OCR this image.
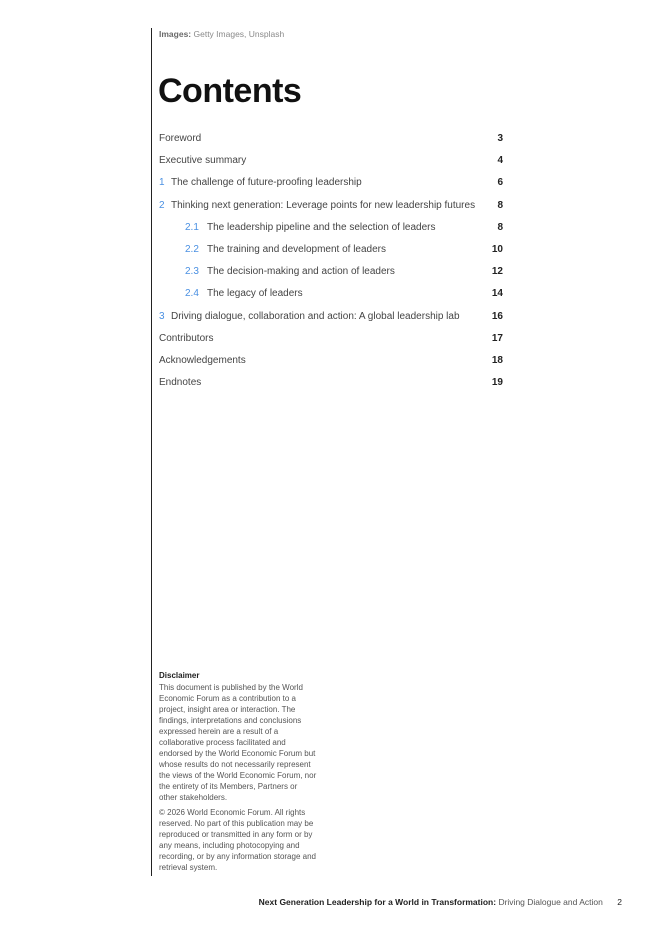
Images: Getty Images, Unsplash
Contents
Foreword	3
Executive summary	4
1 The challenge of future-proofing leadership	6
2 Thinking next generation: Leverage points for new leadership futures 8
2.1 The leadership pipeline and the selection of leaders	8
2.2 The training and development of leaders	10
2.3 The decision-making and action of leaders	12
2.4 The legacy of leaders	14
3 Driving dialogue, collaboration and action: A global leadership lab	16
Contributors	17
Acknowledgements	18
Endnotes	19
Disclaimer

This document is published by the World Economic Forum as a contribution to a project, insight area or interaction. The findings, interpretations and conclusions expressed herein are a result of a collaborative process facilitated and endorsed by the World Economic Forum but whose results do not necessarily represent the views of the World Economic Forum, nor the entirety of its Members, Partners or other stakeholders.

© 2026 World Economic Forum. All rights reserved. No part of this publication may be reproduced or transmitted in any form or by any means, including photocopying and recording, or by any information storage and retrieval system.

Next Generation Leadership for a World in Transformation: Driving Dialogue and Action 2
